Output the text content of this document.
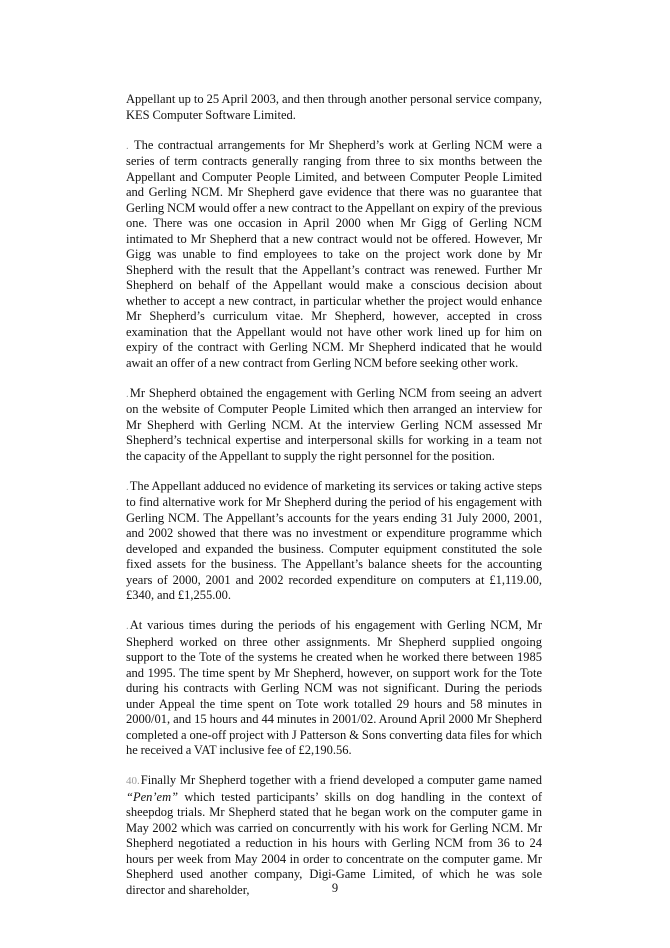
Appellant up to 25 April 2003, and then through another personal service company, KES Computer Software Limited.

. The contractual arrangements for Mr Shepherd’s work at Gerling NCM were a series of term contracts generally ranging from three to six months between the Appellant and Computer People Limited, and between Computer People Limited and Gerling NCM. Mr Shepherd gave evidence that there was no guarantee that Gerling NCM would offer a new contract to the Appellant on expiry of the previous one. There was one occasion in April 2000 when Mr Gigg of Gerling NCM intimated to Mr Shepherd that a new contract would not be offered. However, Mr Gigg was unable to find employees to take on the project work done by Mr Shepherd with the result that the Appellant’s contract was renewed. Further Mr Shepherd on behalf of the Appellant would make a conscious decision about whether to accept a new contract, in particular whether the project would enhance Mr Shepherd’s curriculum vitae. Mr Shepherd, however, accepted in cross examination that the Appellant would not have other work lined up for him on expiry of the contract with Gerling NCM. Mr Shepherd indicated that he would await an offer of a new contract from Gerling NCM before seeking other work.

.Mr Shepherd obtained the engagement with Gerling NCM from seeing an advert on the website of Computer People Limited which then arranged an interview for Mr Shepherd with Gerling NCM. At the interview Gerling NCM assessed Mr Shepherd’s technical expertise and interpersonal skills for working in a team not the capacity of the Appellant to supply the right personnel for the position.

.The Appellant adduced no evidence of marketing its services or taking active steps to find alternative work for Mr Shepherd during the period of his engagement with Gerling NCM. The Appellant’s accounts for the years ending 31 July 2000, 2001, and 2002 showed that there was no investment or expenditure programme which developed and expanded the business. Computer equipment constituted the sole fixed assets for the business. The Appellant’s balance sheets for the accounting years of 2000, 2001 and 2002 recorded expenditure on computers at £1,119.00, £340, and £1,255.00.

.At various times during the periods of his engagement with Gerling NCM, Mr Shepherd worked on three other assignments. Mr Shepherd supplied ongoing support to the Tote of the systems he created when he worked there between 1985 and 1995. The time spent by Mr Shepherd, however, on support work for the Tote during his contracts with Gerling NCM was not significant. During the periods under Appeal the time spent on Tote work totalled 29 hours and 58 minutes in 2000/01, and 15 hours and 44 minutes in 2001/02. Around April 2000 Mr Shepherd completed a one-off project with J Patterson & Sons converting data files for which he received a VAT inclusive fee of £2,190.56.

40.Finally Mr Shepherd together with a friend developed a computer game named “Pen’em” which tested participants’ skills on dog handling in the context of sheepdog trials. Mr Shepherd stated that he began work on the computer game in May 2002 which was carried on concurrently with his work for Gerling NCM. Mr Shepherd negotiated a reduction in his hours with Gerling NCM from 36 to 24 hours per week from May 2004 in order to concentrate on the computer game. Mr Shepherd used another company, Digi-Game Limited, of which he was sole director and shareholder,	9
